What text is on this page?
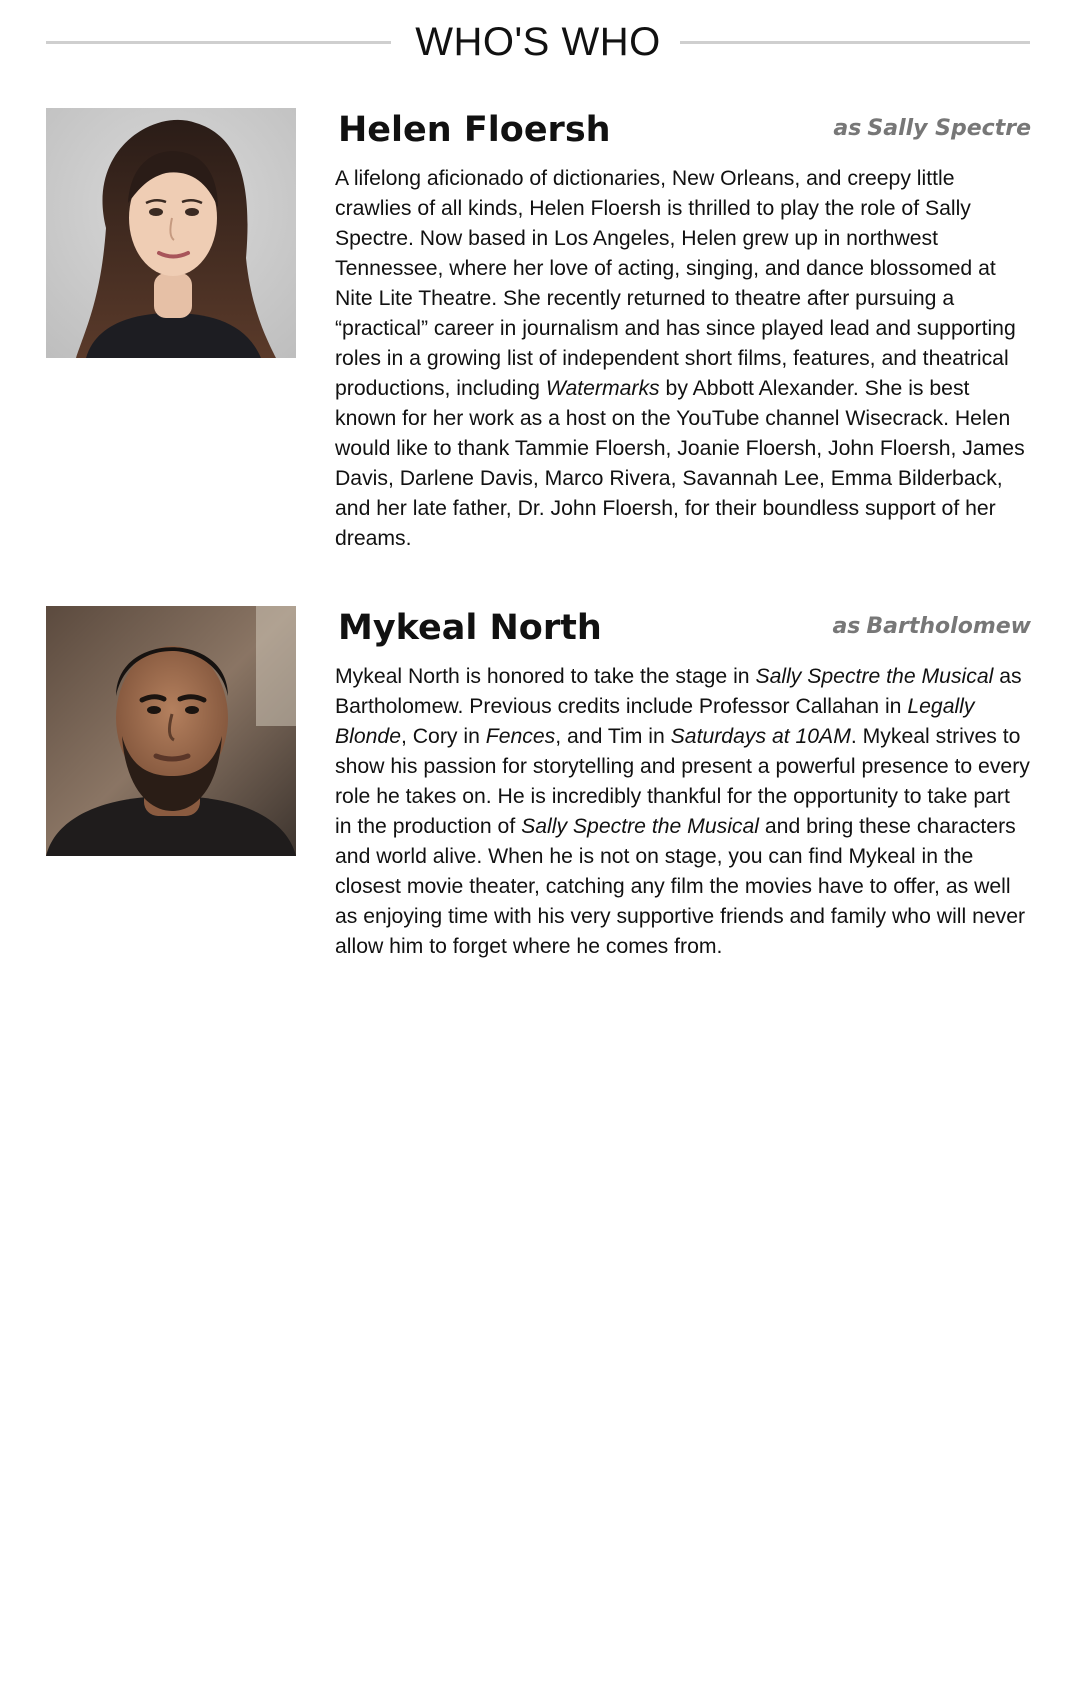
WHO'S WHO
Helen Floersh	as Sally Spectre

A lifelong aficionado of dictionaries, New Orleans, and creepy little crawlies of all kinds, Helen Floersh is thrilled to play the role of Sally Spectre. Now based in Los Angeles, Helen grew up in northwest Tennessee, where her love of acting, singing, and dance blossomed at Nite Lite Theatre. She recently returned to theatre after pursuing a “practical” career in journalism and has since played lead and supporting roles in a growing list of independent short films, features, and theatrical productions, including Watermarks by Abbott Alexander. She is best known for her work as a host on the YouTube channel Wisecrack. Helen would like to thank Tammie Floersh, Joanie Floersh, John Floersh, James Davis, Darlene Davis, Marco Rivera, Savannah Lee, Emma Bilderback, and her late father, Dr. John Floersh, for their boundless support of her dreams.

Mykeal North	as Bartholomew

Mykeal North is honored to take the stage in Sally Spectre the Musical as Bartholomew. Previous credits include Professor Callahan in Legally Blonde, Cory in Fences, and Tim in Saturdays at 10AM. Mykeal strives to show his passion for storytelling and present a powerful presence to every role he takes on. He is incredibly thankful for the opportunity to take part in the production of Sally Spectre the Musical and bring these characters and world alive. When he is not on stage, you can find Mykeal in the closest movie theater, catching any film the movies have to offer, as well as enjoying time with his very supportive friends and family who will never allow him to forget where he comes from.
